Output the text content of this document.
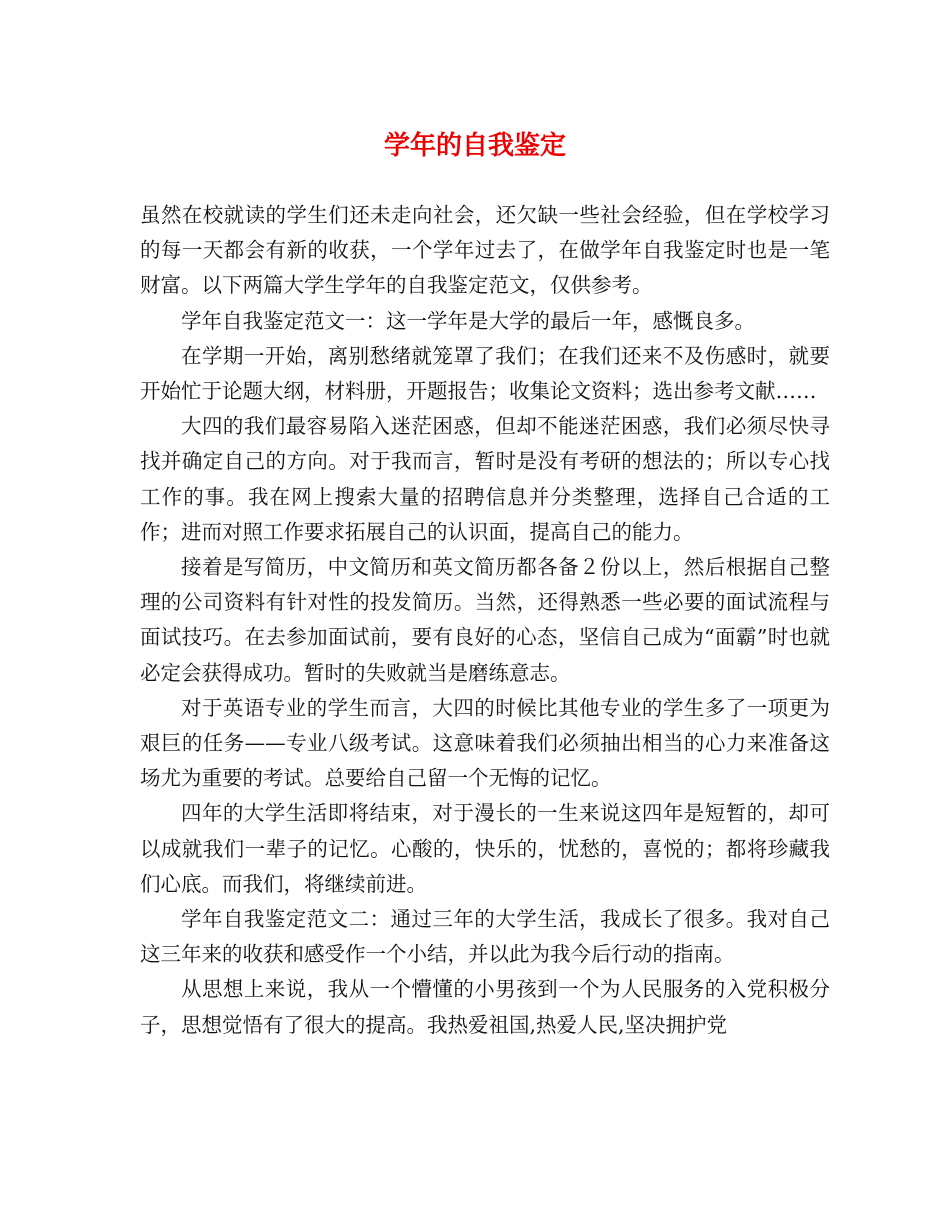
学年的自我鉴定

虽然在校就读的学生们还未走向社会，还欠缺一些社会经验，但在学校学习的每一天都会有新的收获，一个学年过去了，在做学年自我鉴定时也是一笔财富。以下两篇大学生学年的自我鉴定范文，仅供参考。

学年自我鉴定范文一：这一学年是大学的最后一年，感慨良多。

在学期一开始，离别愁绪就笼罩了我们；在我们还来不及伤感时，就要开始忙于论题大纲，材料册，开题报告；收集论文资料；选出参考文献……

大四的我们最容易陷入迷茫困惑，但却不能迷茫困惑，我们必须尽快寻找并确定自己的方向。对于我而言，暂时是没有考研的想法的；所以专心找工作的事。我在网上搜索大量的招聘信息并分类整理，选择自己合适的工作；进而对照工作要求拓展自己的认识面，提高自己的能力。

接着是写简历，中文简历和英文简历都各备２份以上，然后根据自己整理的公司资料有针对性的投发简历。当然，还得熟悉一些必要的面试流程与面试技巧。在去参加面试前，要有良好的心态，坚信自己成为“面霸”时也就必定会获得成功。暂时的失败就当是磨练意志。

对于英语专业的学生而言，大四的时候比其他专业的学生多了一项更为艰巨的任务——专业八级考试。这意味着我们必须抽出相当的心力来准备这场尤为重要的考试。总要给自己留一个无悔的记忆。

四年的大学生活即将结束，对于漫长的一生来说这四年是短暂的，却可以成就我们一辈子的记忆。心酸的，快乐的，忧愁的，喜悦的；都将珍藏我们心底。而我们，将继续前进。

学年自我鉴定范文二：通过三年的大学生活，我成长了很多。我对自己这三年来的收获和感受作一个小结，并以此为我今后行动的指南。

从思想上来说，我从一个懵懂的小男孩到一个为人民服务的入党积极分子，思想觉悟有了很大的提高。我热爱祖国,热爱人民,坚决拥护党
